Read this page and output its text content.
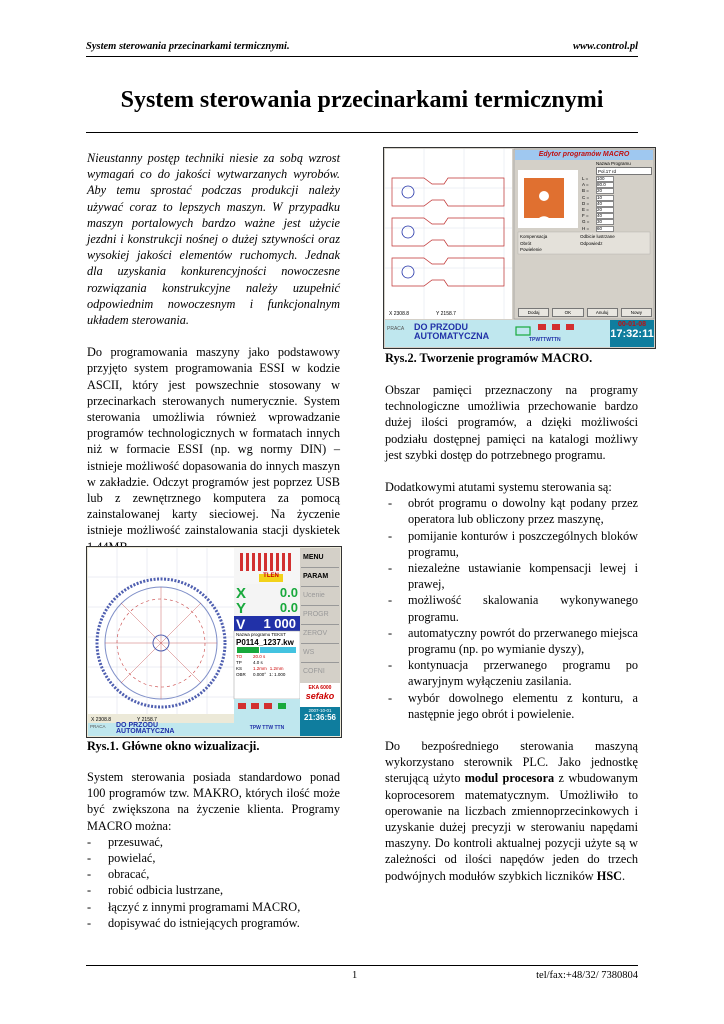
System sterowania przecinarkami termicznymi.	www.control.pl
System sterowania przecinarkami termicznymi

Nieustanny postęp techniki niesie za sobą wzrost wymagań co do jakości wytwarzanych wyrobów. Aby temu sprostać podczas produkcji należy używać coraz to lepszych maszyn. W przypadku maszyn portalowych bardzo ważne jest użycie jezdni i konstrukcji nośnej o dużej sztywności oraz wysokiej jakości elementów ruchomych. Jednak dla uzyskania konkurencyjności nowoczesne rozwiązania konstrukcyjne należy uzupełnić odpowiednim nowoczesnym i funkcjonalnym układem sterowania.

Do programowania maszyny jako podstawowy przyjęto system programowania ESSI w kodzie ASCII, który jest powszechnie stosowany w przecinarkach sterowanych numerycznie. System sterowania umożliwia również wprowadzanie programów technologicznych w formatach innych niż w formacie ESSI (np. wg normy DIN) – istnieje możliwość dopasowania do innych maszyn w zakładzie. Odczyt programów jest poprzez USB lub z zewnętrznego komputera za pomocą zainstalowanej karty sieciowej. Na życzenie istnieje możliwość zainstalowania stacji dyskietek

X 2308.8	Y 2158.7
MENU
PARAM
Ucenie
PROGR
ZEROV
WS
COFNI
TLEN
X	0.0
Y	0.0
V 1 000
Nazwa programu TEKST
P0114_1237.kw
TO	20.0 s
TP	4.0 s
KS	1.2mm 1.2mm
OBR	0.000° 1: 1.000
EKA 6000
sefako
2007-10-01
21:36:56
PRACA	DO PRZODU
AUTOMATYCZNA	TPW TTW TTN
Rys.1. Główne okno wizualizacji.

System sterowania posiada standardowo ponad 100 programów tzw. MAKRO, których ilość może być zwiększona na życzenie klienta. Programy MACRO można:

- przesuwać,
- powielać,
- obracać,
- robić odbicia lustrzane,
- łączyć z innymi programami MACRO,
- dopisywać do istniejących programów.
Edytor programów MACRO
Nazwa Programu
Pol.17 rd
L =	100
A =	80.0
B =	20
C =	10
D =	40
E =	20
F =	40
G =	30
H =	60
Kompensacja	Odbicie lustrzane
Obrót	Odpowiedz
Powielenie
Dodaj	OK	Anuluj	Nowy
X 2308.8	Y 2158.7
PRACA	DO PRZODU
AUTOMATYCZNA	TPWTTWTTN
00-01-08
17:32:11
Rys.2. Tworzenie programów MACRO.

Obszar pamięci przeznaczony na programy technologiczne umożliwia przechowanie bardzo dużej ilości programów, a dzięki możliwości podziału dostępnej pamięci na katalogi możliwy jest szybki dostęp do potrzebnego programu.

Dodatkowymi atutami systemu sterowania są:

- obrót programu o dowolny kąt podany przez operatora lub obliczony przez maszynę,
- pomijanie konturów i poszczególnych bloków programu,
- niezależne ustawianie kompensacji lewej i prawej,
- możliwość skalowania wykonywanego programu.
- automatyczny powrót do przerwanego miejsca programu (np. po wymianie dyszy),
- kontynuacja przerwanego programu po awaryjnym wyłączeniu zasilania.
- wybór dowolnego elementu z konturu, a następnie jego obrót i powielenie.

Do bezpośredniego sterowania maszyną wykorzystano sterownik PLC. Jako jednostkę sterującą użyto modul procesora z wbudowanym koprocesorem matematycznym. Umożliwiło to operowanie na liczbach zmiennoprzecinkowych i uzyskanie dużej precyzji w sterowaniu napędami maszyny. Do kontroli aktualnej pozycji użyte są w zależności od ilości napędów jeden do trzech podwójnych modułów szybkich liczników HSC.

1	tel/fax:+48/32/ 7380804
